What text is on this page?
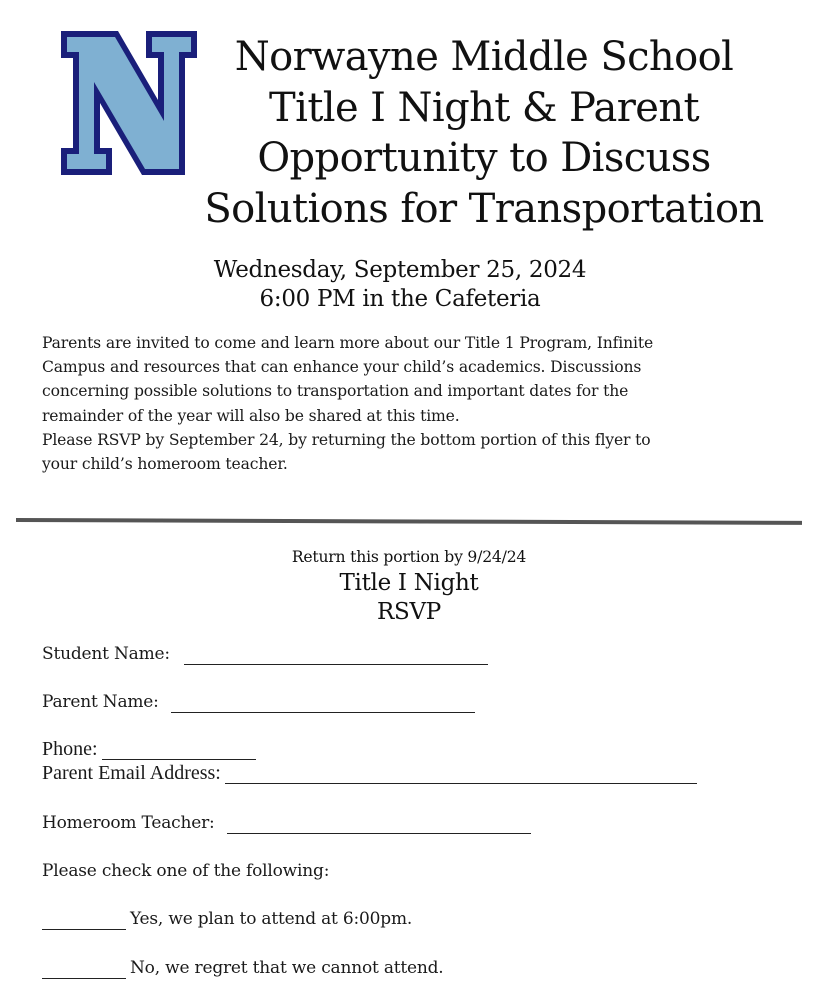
Norwayne Middle School
Title I Night & Parent
Opportunity to Discuss
Solutions for Transportation
Wednesday, September 25, 2024
6:00 PM in the Cafeteria
Parents are invited to come and learn more about our Title 1 Program, Infinite
Campus and resources that can enhance your child’s academics. Discussions
concerning possible solutions to transportation and important dates for the
remainder of the year will also be shared at this time.
Please RSVP by September 24, by returning the bottom portion of this flyer to
your child’s homeroom teacher.
Return this portion by 9/24/24
Title I Night
RSVP
Student Name:
Parent Name:
Phone:
Parent Email Address:
Homeroom Teacher:
Please check one of the following:
Yes, we plan to attend at 6:00pm.
No, we regret that we cannot attend.
